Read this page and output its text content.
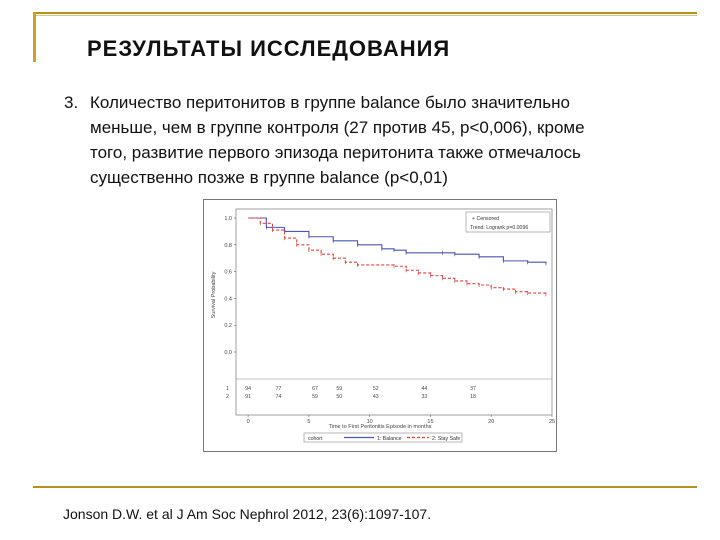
РЕЗУЛЬТАТЫ ИССЛЕДОВАНИЯ
3. Количество перитонитов в группе balance было значительно
меньше, чем в группе контроля (27 против 45, p<0,006), кроме
того, развитие первого эпизода перитонита также отмечалось
существенно позже в группе balance (p<0,01)
Survival Probability
Time to First Peritonitis Episode in months
+ Censored
Trend: Logrank p=0.0096
cohort	1: Balance	2: Stay Safe
0.0
0.2
0.4
0.6
0.8
1.0
0	5	10	15	20	25
1	94	77	67	59	52	44	37
2	91	74	59	50	43	33	18
Jonson D.W. et al J Am Soc Nephrol 2012, 23(6):1097-107.
